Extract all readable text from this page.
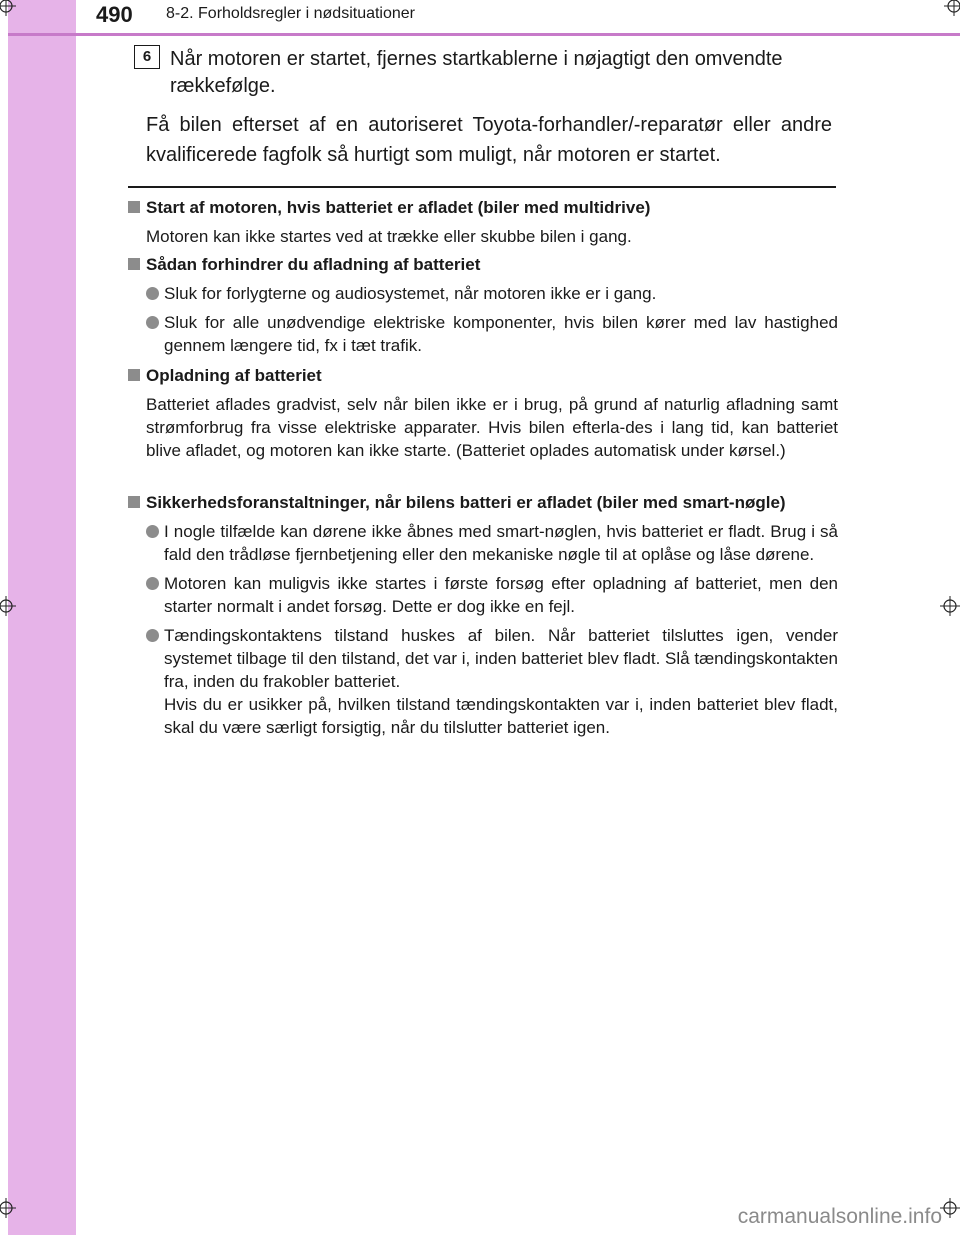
490 8-2. Forholdsregler i nødsituationer
6 Når motoren er startet, fjernes startkablerne i nøjagtigt den omvendte rækkefølge.
Få bilen efterset af en autoriseret Toyota-forhandler/-reparatør eller andre kvalificerede fagfolk så hurtigt som muligt, når motoren er startet.
Start af motoren, hvis batteriet er afladet (biler med multidrive)
Motoren kan ikke startes ved at trække eller skubbe bilen i gang.
Sådan forhindrer du afladning af batteriet
Sluk for forlygterne og audiosystemet, når motoren ikke er i gang.
Sluk for alle unødvendige elektriske komponenter, hvis bilen kører med lav hastighed gennem længere tid, fx i tæt trafik.
Opladning af batteriet
Batteriet aflades gradvist, selv når bilen ikke er i brug, på grund af naturlig afladning samt strømforbrug fra visse elektriske apparater. Hvis bilen efterla-des i lang tid, kan batteriet blive afladet, og motoren kan ikke starte. (Batteriet oplades automatisk under kørsel.)
Sikkerhedsforanstaltninger, når bilens batteri er afladet (biler med smart-nøgle)
I nogle tilfælde kan dørene ikke åbnes med smart-nøglen, hvis batteriet er fladt. Brug i så fald den trådløse fjernbetjening eller den mekaniske nøgle til at oplåse og låse dørene.
Motoren kan muligvis ikke startes i første forsøg efter opladning af batteriet, men den starter normalt i andet forsøg. Dette er dog ikke en fejl.
Tændingskontaktens tilstand huskes af bilen. Når batteriet tilsluttes igen, vender systemet tilbage til den tilstand, det var i, inden batteriet blev fladt. Slå tændingskontakten fra, inden du frakobler batteriet.
Hvis du er usikker på, hvilken tilstand tændingskontakten var i, inden batteriet blev fladt, skal du være særligt forsigtig, når du tilslutter batteriet igen.
carmanualsonline.info
